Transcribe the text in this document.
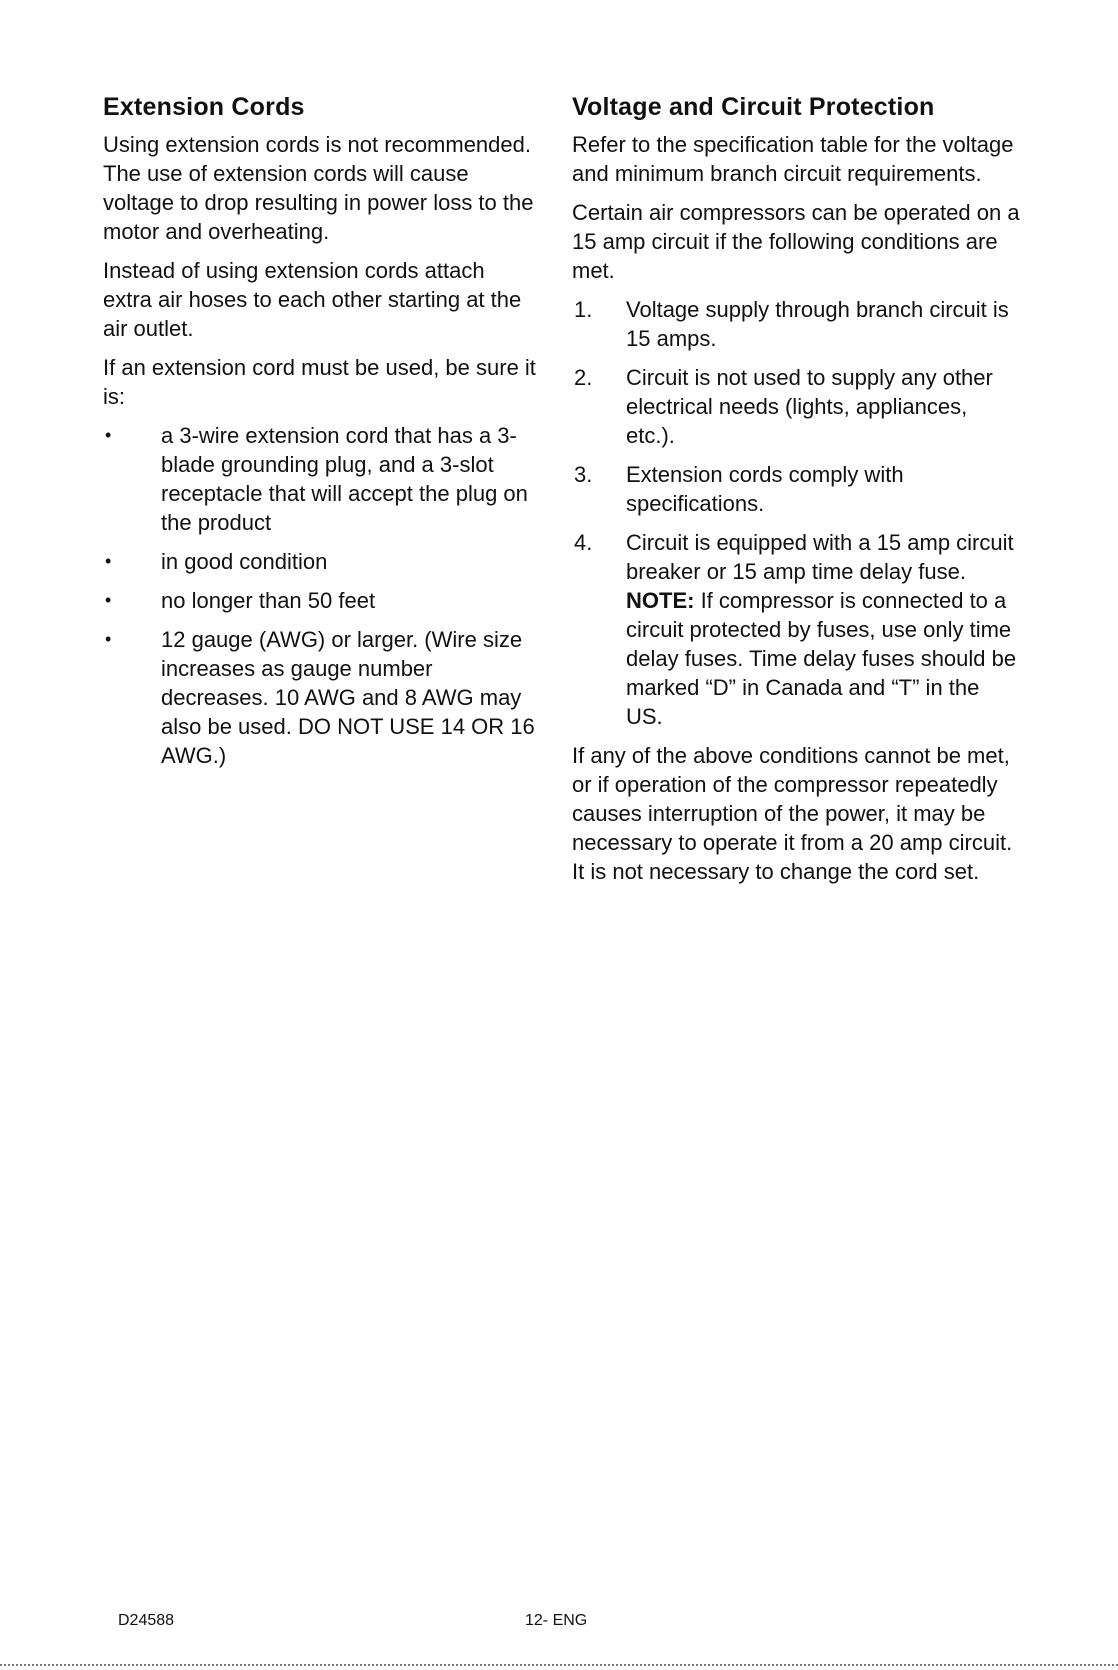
Extension Cords

Using extension cords is not recommended. The use of extension cords will cause voltage to drop resulting in power loss to the motor and overheating.

Instead of using extension cords attach extra air hoses to each other starting at the air outlet.

If an extension cord must be used, be sure it is:

•	a 3-wire extension cord that has a 3-blade grounding plug, and a 3-slot receptacle that will accept the plug on the product
•	in good condition
•	no longer than 50 feet
•	12 gauge (AWG) or larger. (Wire size increases as gauge number decreases. 10 AWG and 8 AWG may also be used. DO NOT USE 14 OR 16 AWG.)
Voltage and Circuit Protection

Refer to the specification table for the voltage and minimum branch circuit requirements.

Certain air compressors can be operated on a 15 amp circuit if the following conditions are met.

1. Voltage supply through branch circuit is 15 amps.
2. Circuit is not used to supply any other electrical needs (lights, appliances, etc.).
3. Extension cords comply with specifications.
4. Circuit is equipped with a 15 amp circuit breaker or 15 amp time delay fuse. NOTE: If compressor is connected to a circuit protected by fuses, use only time delay fuses. Time delay fuses should be marked “D” in Canada and “T” in the US.

If any of the above conditions cannot be met, or if operation of the compressor repeatedly causes interruption of the power, it may be necessary to operate it from a 20 amp circuit. It is not necessary to change the cord set.

D24588	12- ENG
